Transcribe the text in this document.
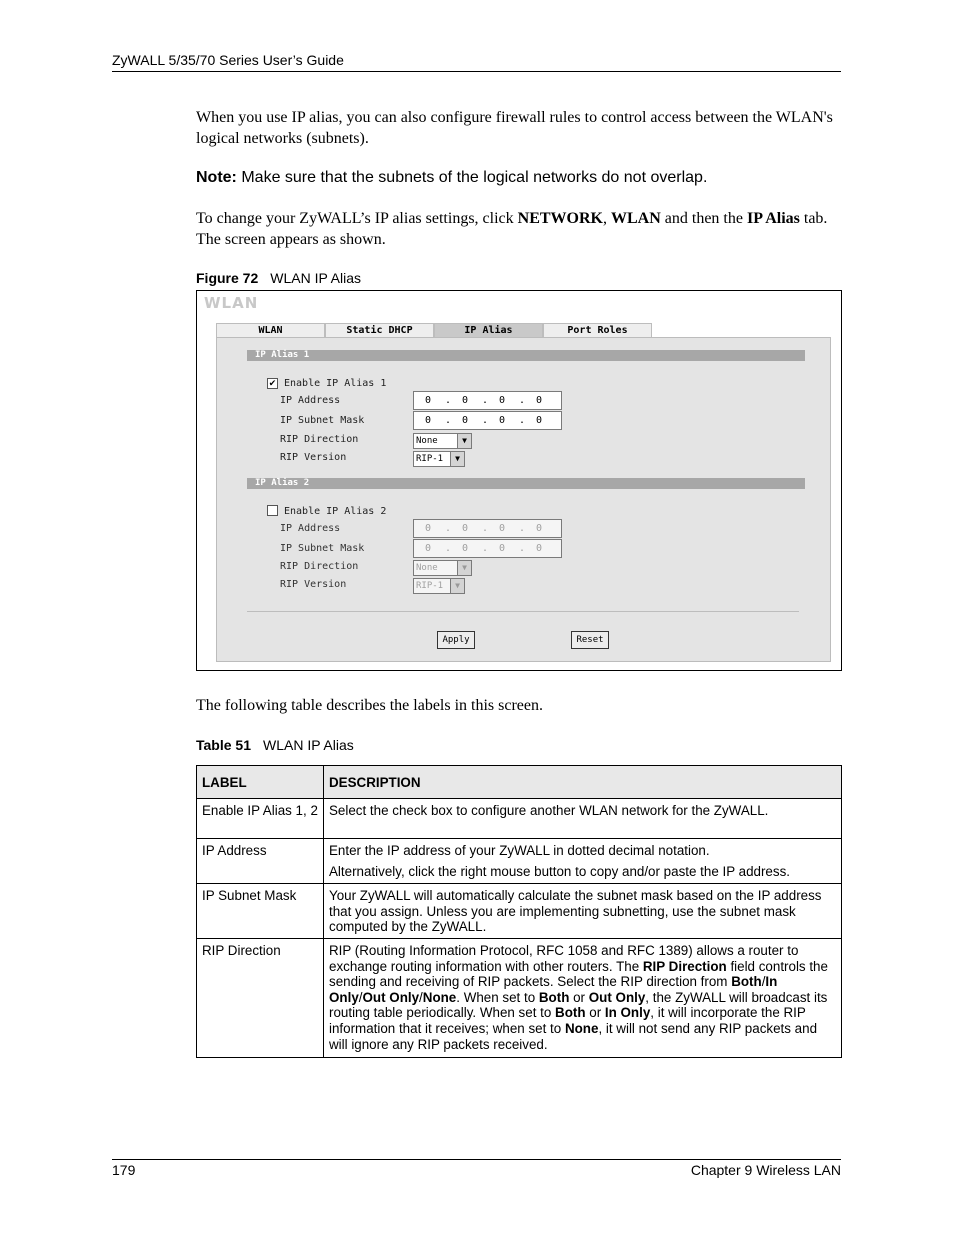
ZyWALL 5/35/70 Series User’s Guide
When you use IP alias, you can also configure firewall rules to control access between the WLAN's logical networks (subnets).
Note: Make sure that the subnets of the logical networks do not overlap.
To change your ZyWALL’s IP alias settings, click NETWORK, WLAN and then the IP Alias tab. The screen appears as shown.
Figure 72 WLAN IP Alias
WLAN
WLAN	Static DHCP	IP Alias	Port Roles
IP Alias 1
✔ Enable IP Alias 1
IP Address	0 . 0 . 0 . 0
IP Subnet Mask	0 . 0 . 0 . 0
RIP Direction	None	▼
RIP Version	RIP-1	▼
IP Alias 2
Enable IP Alias 2
IP Address	0 . 0 . 0 . 0
IP Subnet Mask	0 . 0 . 0 . 0
RIP Direction	None	▼
RIP Version	RIP-1	▼
Apply	Reset
The following table describes the labels in this screen.
Table 51 WLAN IP Alias
LABEL	DESCRIPTION
Enable IP Alias 1, 2	Select the check box to configure another WLAN network for the ZyWALL.
IP Address	Enter the IP address of your ZyWALL in dotted decimal notation.

Alternatively, click the right mouse button to copy and/or paste the IP address.

IP Subnet Mask	Your ZyWALL will automatically calculate the subnet mask based on the IP address that you assign. Unless you are implementing subnetting, use the subnet mask computed by the ZyWALL.
RIP Direction	RIP (Routing Information Protocol, RFC 1058 and RFC 1389) allows a router to exchange routing information with other routers. The RIP Direction field controls the sending and receiving of RIP packets. Select the RIP direction from Both/In Only/Out Only/None. When set to Both or Out Only, the ZyWALL will broadcast its routing table periodically. When set to Both or In Only, it will incorporate the RIP information that it receives; when set to None, it will not send any RIP packets and will ignore any RIP packets received.
179	Chapter 9 Wireless LAN
